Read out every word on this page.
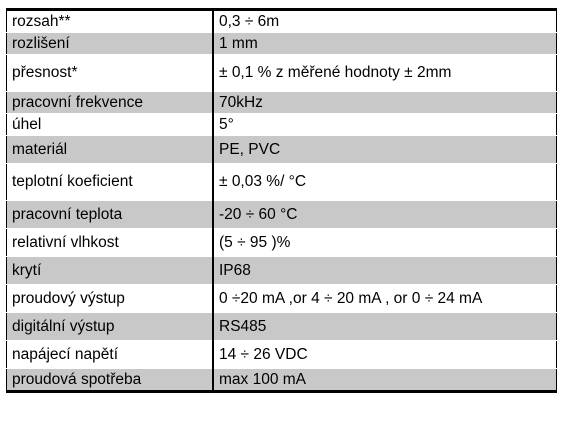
rozsah**	0,3 ÷ 6m
rozlišení	1 mm
přesnost*	± 0,1 % z měřené hodnoty ± 2mm
pracovní frekvence	70kHz
úhel	5°
materiál	PE, PVC
teplotní koeficient	± 0,03 %/ °C
pracovní teplota	-20 ÷ 60 °C
relativní vlhkost	(5 ÷ 95 )%
krytí	IP68
proudový výstup	0 ÷20 mA ,or 4 ÷ 20 mA , or 0 ÷ 24 mA
digitální výstup	RS485
napájecí napětí	14 ÷ 26 VDC
proudová spotřeba	max 100 mA
